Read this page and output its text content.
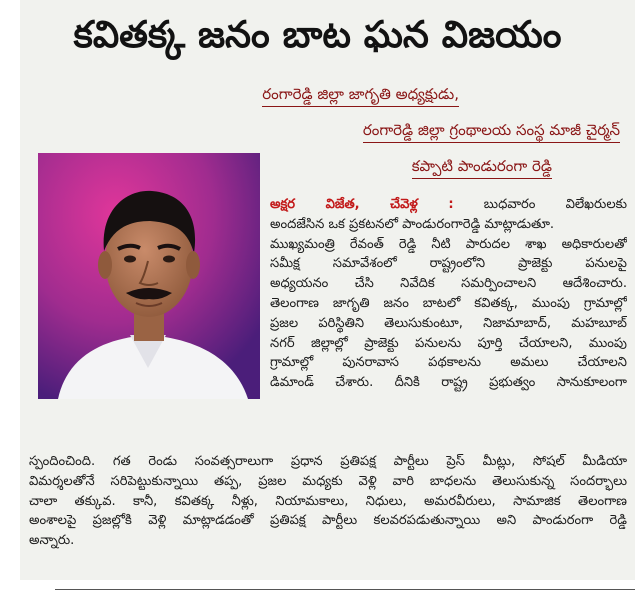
కవితక్క జనం బాట ఘన విజయం
రంగారెడ్డి జిల్లా జాగృతి అధ్యక్షుడు,
రంగారెడ్డి జిల్లా గ్రంథాలయ సంస్థ మాజీ చైర్మన్
కప్పాటి పాండురంగా రెడ్డి
అక్షర విజేత, చేవెళ్ల : బుధవారం విలేఖరులకు
అందజేసిన ఒక ప్రకటనలో పాండురంగారెడ్డి మాట్లాడుతూ.
ముఖ్యమంత్రి రేవంత్ రెడ్డి నీటి పారుదల శాఖ అధికారులతో
సమీక్ష సమావేశంలో రాష్ట్రంలోని ప్రాజెక్టు పనులపై
అధ్యయనం చేసి నివేదిక సమర్పించాలని ఆదేశించారు.
తెలంగాణ జాగృతి జనం బాటలో కవితక్క, ముంపు గ్రామాల్లో
ప్రజల పరిస్థితిని తెలుసుకుంటూ, నిజామాబాద్, మహబూబ్
నగర్ జిల్లాల్లో ప్రాజెక్టు పనులను పూర్తి చేయాలని, ముంపు
గ్రామాల్లో పునరావాస పథకాలను అమలు చేయాలని
డిమాండ్ చేశారు. దీనికి రాష్ట్ర ప్రభుత్వం సానుకూలంగా
స్పందించింది. గత రెండు సంవత్సరాలుగా ప్రధాన ప్రతిపక్ష పార్టీలు ప్రెస్ మీట్లు, సోషల్ మీడియా
విమర్శలతోనే సరిపెట్టుకున్నాయి తప్ప, ప్రజల మధ్యకు వెళ్లి వారి బాధలను తెలుసుకున్న సందర్భాలు
చాలా తక్కువ. కానీ, కవితక్క నీళ్లు, నియామకాలు, నిధులు, అమరవీరులు, సామాజిక తెలంగాణ
అంశాలపై ప్రజల్లోకి వెళ్లి మాట్లాడడంతో ప్రతిపక్ష పార్టీలు కలవరపడుతున్నాయి అని పాండురంగా రెడ్డి
అన్నారు.
